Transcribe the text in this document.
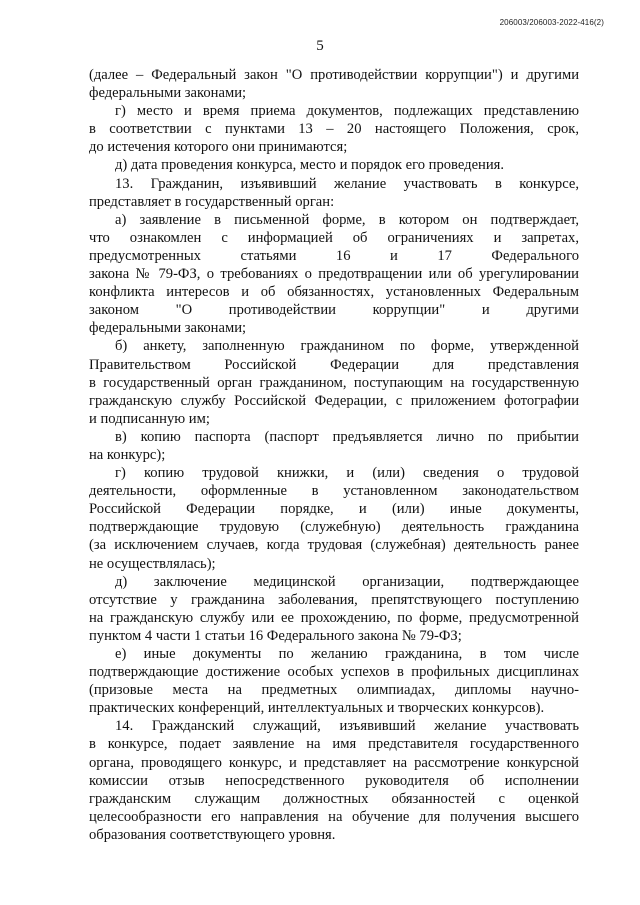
206003/206003-2022-416(2)
5
(далее – Федеральный закон "О противодействии коррупции") и другими
федеральными законами;
г) место и время приема документов, подлежащих представлению
в соответствии с пунктами 13 – 20 настоящего Положения, срок,
до истечения которого они принимаются;
д) дата проведения конкурса, место и порядок его проведения.
13. Гражданин, изъявивший желание участвовать в конкурсе,
представляет в государственный орган:
а) заявление в письменной форме, в котором он подтверждает,
что ознакомлен с информацией об ограничениях и запретах,
предусмотренных статьями 16 и 17 Федерального
закона № 79-ФЗ, о требованиях о предотвращении или об урегулировании
конфликта интересов и об обязанностях, установленных Федеральным
законом "О противодействии коррупции" и другими
федеральными законами;
б) анкету, заполненную гражданином по форме, утвержденной
Правительством Российской Федерации для представления
в государственный орган гражданином, поступающим на государственную
гражданскую службу Российской Федерации, с приложением фотографии
и подписанную им;
в) копию паспорта (паспорт предъявляется лично по прибытии
на конкурс);
г) копию трудовой книжки, и (или) сведения о трудовой
деятельности, оформленные в установленном законодательством
Российской Федерации порядке, и (или) иные документы,
подтверждающие трудовую (служебную) деятельность гражданина
(за исключением случаев, когда трудовая (служебная) деятельность ранее
не осуществлялась);
д) заключение медицинской организации, подтверждающее
отсутствие у гражданина заболевания, препятствующего поступлению
на гражданскую службу или ее прохождению, по форме, предусмотренной
пунктом 4 части 1 статьи 16 Федерального закона № 79-ФЗ;
е) иные документы по желанию гражданина, в том числе
подтверждающие достижение особых успехов в профильных дисциплинах
(призовые места на предметных олимпиадах, дипломы научно-
практических конференций, интеллектуальных и творческих конкурсов).
14. Гражданский служащий, изъявивший желание участвовать
в конкурсе, подает заявление на имя представителя государственного
органа, проводящего конкурс, и представляет на рассмотрение конкурсной
комиссии отзыв непосредственного руководителя об исполнении
гражданским служащим должностных обязанностей с оценкой
целесообразности его направления на обучение для получения высшего
образования соответствующего уровня.
